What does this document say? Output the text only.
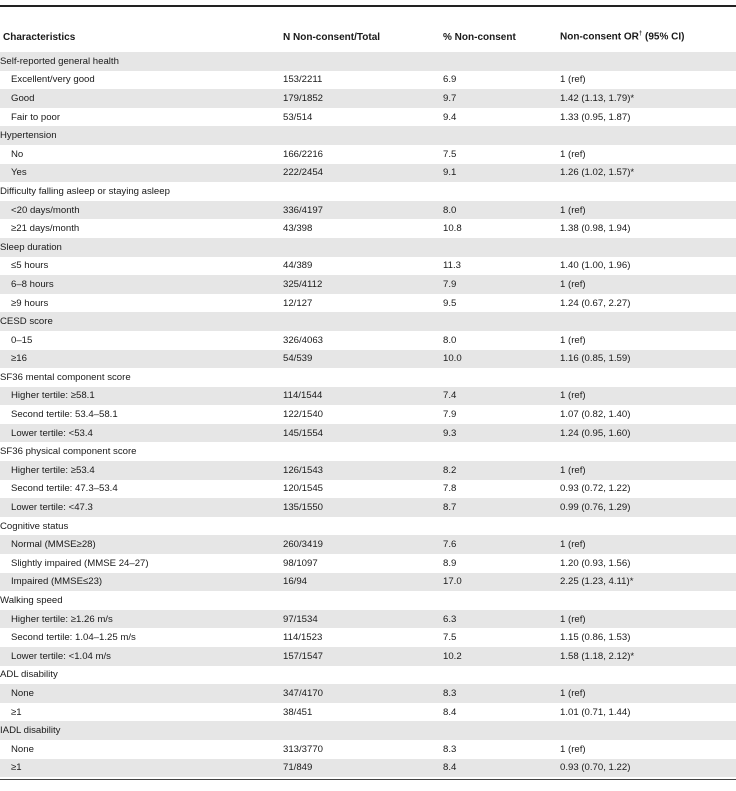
Characteristics	N Non-consent/Total	% Non-consent	Non-consent OR† (95% CI)
Self-reported general health			
Excellent/very good	153/2211	6.9	1 (ref)
Good	179/1852	9.7	1.42 (1.13, 1.79)*
Fair to poor	53/514	9.4	1.33 (0.95, 1.87)
Hypertension			
No	166/2216	7.5	1 (ref)
Yes	222/2454	9.1	1.26 (1.02, 1.57)*
Difficulty falling asleep or staying asleep			
<20 days/month	336/4197	8.0	1 (ref)
≥21 days/month	43/398	10.8	1.38 (0.98, 1.94)
Sleep duration			
≤5 hours	44/389	11.3	1.40 (1.00, 1.96)
6–8 hours	325/4112	7.9	1 (ref)
≥9 hours	12/127	9.5	1.24 (0.67, 2.27)
CESD score			
0–15	326/4063	8.0	1 (ref)
≥16	54/539	10.0	1.16 (0.85, 1.59)
SF36 mental component score			
Higher tertile: ≥58.1	114/1544	7.4	1 (ref)
Second tertile: 53.4–58.1	122/1540	7.9	1.07 (0.82, 1.40)
Lower tertile: <53.4	145/1554	9.3	1.24 (0.95, 1.60)
SF36 physical component score			
Higher tertile: ≥53.4	126/1543	8.2	1 (ref)
Second tertile: 47.3–53.4	120/1545	7.8	0.93 (0.72, 1.22)
Lower tertile: <47.3	135/1550	8.7	0.99 (0.76, 1.29)
Cognitive status			
Normal (MMSE≥28)	260/3419	7.6	1 (ref)
Slightly impaired (MMSE 24–27)	98/1097	8.9	1.20 (0.93, 1.56)
Impaired (MMSE≤23)	16/94	17.0	2.25 (1.23, 4.11)*
Walking speed			
Higher tertile: ≥1.26 m/s	97/1534	6.3	1 (ref)
Second tertile: 1.04–1.25 m/s	114/1523	7.5	1.15 (0.86, 1.53)
Lower tertile: <1.04 m/s	157/1547	10.2	1.58 (1.18, 2.12)*
ADL disability			
None	347/4170	8.3	1 (ref)
≥1	38/451	8.4	1.01 (0.71, 1.44)
IADL disability			
None	313/3770	8.3	1 (ref)
≥1	71/849	8.4	0.93 (0.70, 1.22)
